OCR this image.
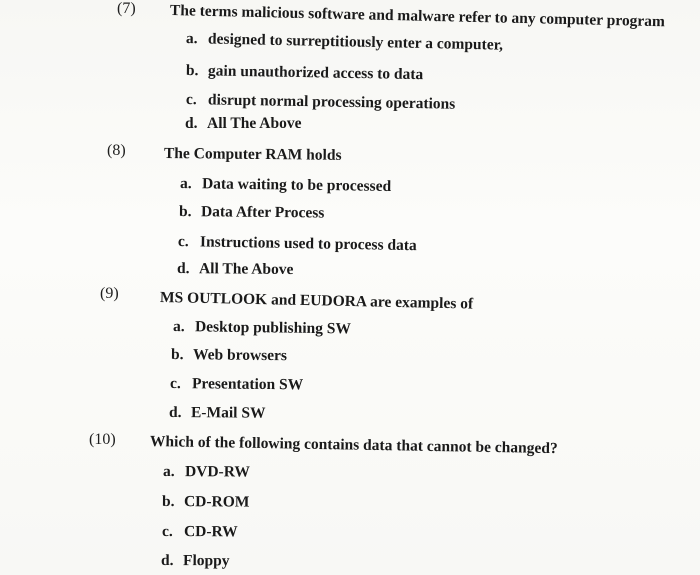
(7) The terms malicious software and malware refer to any computer program
a. designed to surreptitiously enter a computer,
b. gain unauthorized access to data
c. disrupt normal processing operations
d. All The Above
(8) The Computer RAM holds
a. Data waiting to be processed
b. Data After Process
c. Instructions used to process data
d. All The Above
(9)	MS OUTLOOK and EUDORA are examples of
a. Desktop publishing SW
b. Web browsers
c. Presentation SW
d. E-Mail SW
(10) Which of the following contains data that cannot be changed?
a. DVD-RW
b. CD-ROM
c. CD-RW
d. Floppy
